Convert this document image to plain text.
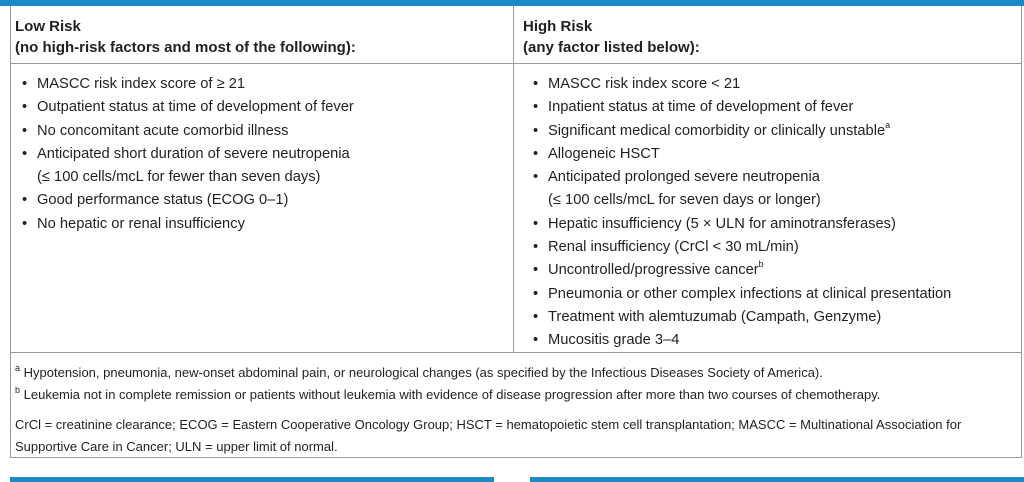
Low Risk
(no high-risk factors and most of the following):
High Risk
(any factor listed below):
• MASCC risk index score of ≥ 21
• Outpatient status at time of development of fever
• No concomitant acute comorbid illness
• Anticipated short duration of severe neutropenia
(≤ 100 cells/mcL for fewer than seven days)
• Good performance status (ECOG 0–1)
• No hepatic or renal insufficiency
• MASCC risk index score < 21
• Inpatient status at time of development of fever
• Significant medical comorbidity or clinically unstable$^a$
• Allogeneic HSCT
• Anticipated prolonged severe neutropenia
(≤ 100 cells/mcL for seven days or longer)
• Hepatic insufficiency (5 × ULN for aminotransferases)
• Renal insufficiency (CrCl < 30 mL/min)
• Uncontrolled/progressive cancer$^b$
• Pneumonia or other complex infections at clinical presentation
• Treatment with alemtuzumab (Campath, Genzyme)
• Mucositis grade 3–4
$^a$ Hypotension, pneumonia, new-onset abdominal pain, or neurological changes (as specified by the Infectious Diseases Society of America).
$^b$ Leukemia not in complete remission or patients without leukemia with evidence of disease progression after more than two courses of chemotherapy.
CrCl = creatinine clearance; ECOG = Eastern Cooperative Oncology Group; HSCT = hematopoietic stem cell transplantation; MASCC = Multinational Association for Supportive Care in Cancer; ULN = upper limit of normal.
